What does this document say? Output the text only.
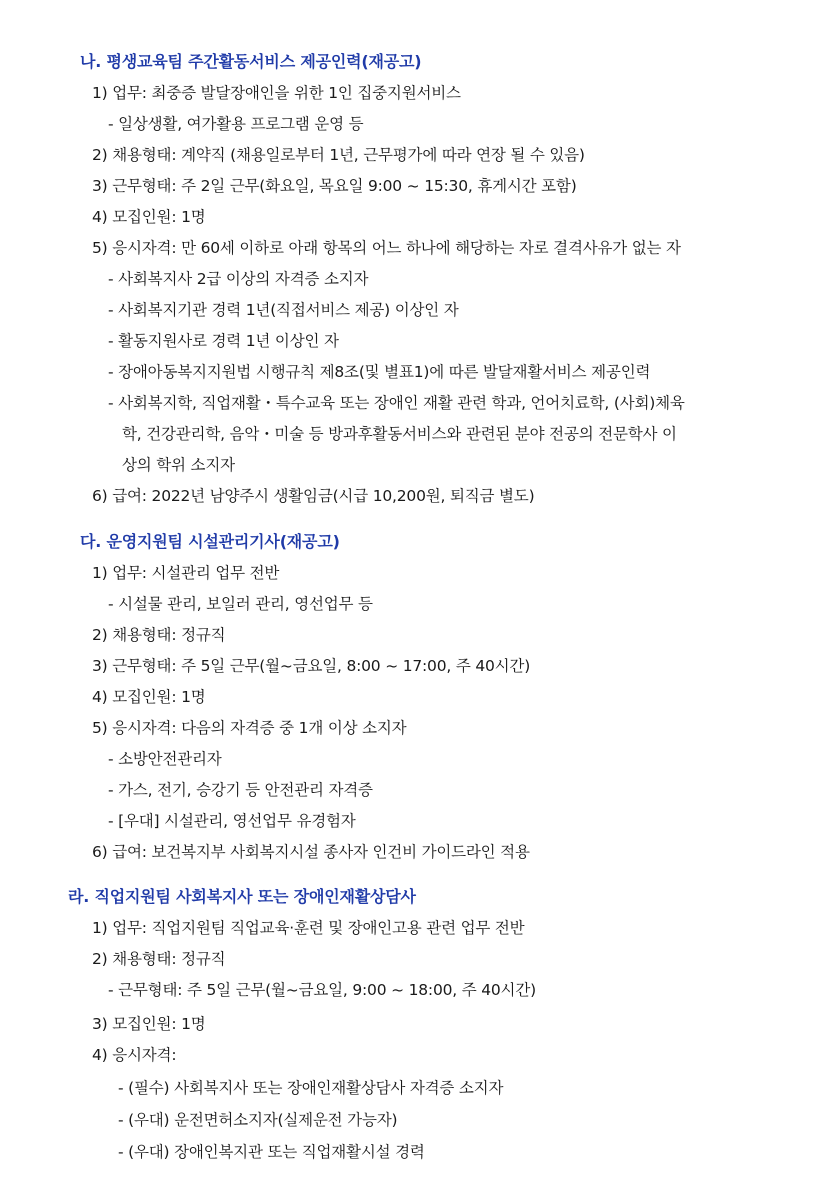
나. 평생교육팀 주간활동서비스 제공인력(재공고)
1) 업무: 최중증 발달장애인을 위한 1인 집중지원서비스
- 일상생활, 여가활용 프로그램 운영 등
2) 채용형태: 계약직 (채용일로부터 1년, 근무평가에 따라 연장 될 수 있음)
3) 근무형태: 주 2일 근무(화요일, 목요일 9:00 ~ 15:30, 휴게시간 포함)
4) 모집인원: 1명
5) 응시자격: 만 60세 이하로 아래 항목의 어느 하나에 해당하는 자로 결격사유가 없는 자
- 사회복지사 2급 이상의 자격증 소지자
- 사회복지기관 경력 1년(직접서비스 제공) 이상인 자
- 활동지원사로 경력 1년 이상인 자
- 장애아동복지지원법 시행규칙 제8조(및 별표1)에 따른 발달재활서비스 제공인력
- 사회복지학, 직업재활・특수교육 또는 장애인 재활 관련 학과, 언어치료학, (사회)체육
학, 건강관리학, 음악・미술 등 방과후활동서비스와 관련된 분야 전공의 전문학사 이
상의 학위 소지자
6) 급여: 2022년 남양주시 생활임금(시급 10,200원, 퇴직금 별도)
다. 운영지원팀 시설관리기사(재공고)
1) 업무: 시설관리 업무 전반
- 시설물 관리, 보일러 관리, 영선업무 등
2) 채용형태: 정규직
3) 근무형태: 주 5일 근무(월~금요일, 8:00 ~ 17:00, 주 40시간)
4) 모집인원: 1명
5) 응시자격: 다음의 자격증 중 1개 이상 소지자
- 소방안전관리자
- 가스, 전기, 승강기 등 안전관리 자격증
- [우대] 시설관리, 영선업무 유경험자
6) 급여: 보건복지부 사회복지시설 종사자 인건비 가이드라인 적용
라. 직업지원팀 사회복지사 또는 장애인재활상담사
1) 업무: 직업지원팀 직업교육·훈련 및 장애인고용 관련 업무 전반
2) 채용형태: 정규직
- 근무형태: 주 5일 근무(월~금요일, 9:00 ~ 18:00, 주 40시간)
3) 모집인원: 1명
4) 응시자격:
- (필수) 사회복지사 또는 장애인재활상담사 자격증 소지자
- (우대) 운전면허소지자(실제운전 가능자)
- (우대) 장애인복지관 또는 직업재활시설 경력
